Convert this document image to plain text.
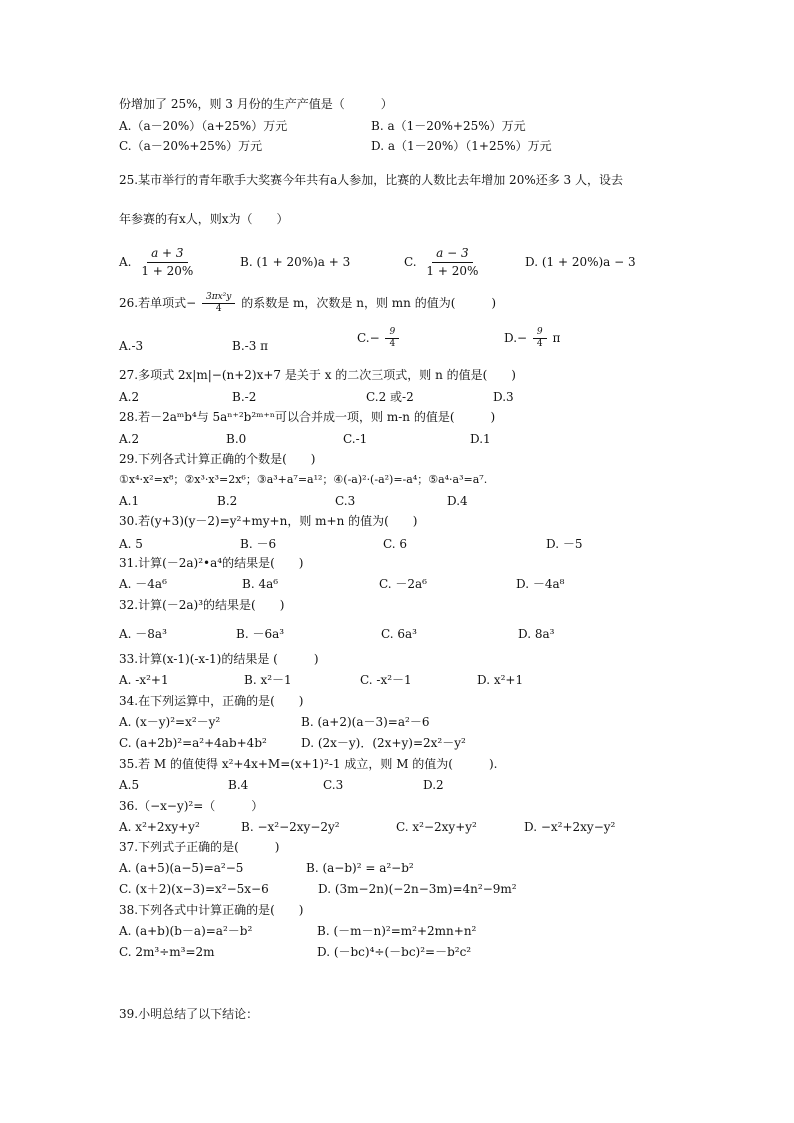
份增加了 25%，则 3 月份的生产产值是（　　　）
A.（a－20%）（a+25%）万元	B. a（1－20%+25%）万元
C.（a－20%+25%）万元	D. a（1－20%）（1+25%）万元
25.某市举行的青年歌手大奖赛今年共有a人参加，比赛的人数比去年增加 20%还多 3 人，设去
年参赛的有x人，则x为（　　）
A. $\frac{a + 3}{1 + 20\%}$	B. (1 + 20%)a + 3	C. $\frac{a - 3}{1 + 20\%}$	D. (1 + 20%)a − 3
26.若单项式− $\frac{\text{3πx²y}}{4}$ 的系数是 m，次数是 n，则 mn 的值为(　　　)
A.-3	B.-3 π
$C.- \frac{9}{4}$	$D.- \frac{9}{4}$ π
27.多项式 2x|m|−(n+2)x+7 是关于 x 的二次三项式，则 n 的值是(　　)
A.2	B.-2	C.2 或-2	D.3
28.若－2aᵐb⁴与 5aⁿ⁺²b²ᵐ⁺ⁿ可以合并成一项，则 m-n 的值是(　　　)
A.2	B.0	C.-1	D.1
29.下列各式计算正确的个数是(　　)
①x⁴·x²=x⁸；②x³·x³=2x⁶；③a³+a⁷=a¹²；④(-a)²·(-a²)=-a⁴；⑤a⁴·a³=a⁷.
A.1	B.2	C.3	D.4
30.若(y+3)(y－2)=y²+my+n，则 m+n 的值为(　　)
A. 5	B. －6	C. 6	D. －5
31.计算(－2a)²•a⁴的结果是(　　)
A. －4a⁶	B. 4a⁶	C. －2a⁶	D. －4a⁸
32.计算(－2a)³的结果是(　　)
A. －8a³	B. －6a³	C. 6a³	D. 8a³
33.计算(x-1)(-x-1)的结果是 (　　　)
A. -x²+1	B. x²－1	C. -x²－1	D. x²+1
34.在下列运算中，正确的是(　　)
A. (x－y)²=x²－y²	B. (a+2)(a－3)=a²－6
C. (a+2b)²=a²+4ab+4b²	D. (2x－y)．(2x+y)=2x²－y²
35.若 M 的值使得 x²+4x+M=(x+1)²-1 成立，则 M 的值为(　　　).
A.5	B.4	C.3	D.2
36.（−x−y)²=（　　　）
A. x²+2xy+y²	B. −x²−2xy−2y²	C. x²−2xy+y²	D. −x²+2xy−y²
37.下列式子正确的是(　　　)
A. (a+5)(a−5)=a²−5	B. (a−b)² = a²−b²
C. (x＋2)(x−3)=x²−5x−6	D. (3m−2n)(−2n−3m)=4n²−9m²
38.下列各式中计算正确的是(　　)
A. (a+b)(b－a)=a²－b²	B. (－m－n)²=m²+2mn+n²
C. 2m³÷m³=2m	D. (－bc)⁴÷(－bc)²=－b²c²
39.小明总结了以下结论：
